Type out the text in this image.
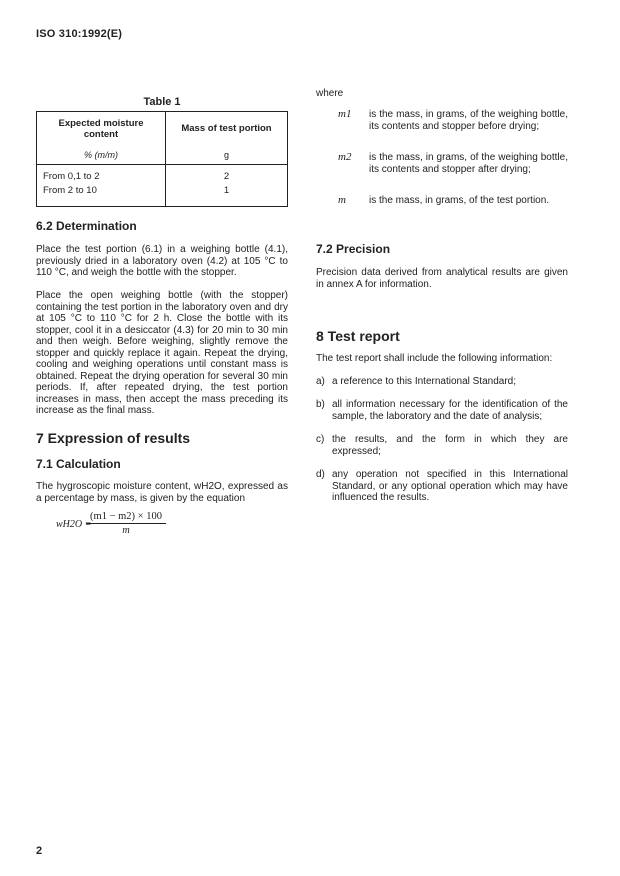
ISO 310:1992(E)
Table 1
Expected moisture content	Mass of test portion
% (m/m)	g
From 0,1 to 2	2
From 2 to 10	1
6.2 Determination
Place the test portion (6.1) in a weighing bottle (4.1), previously dried in a laboratory oven (4.2) at 105 °C to 110 °C, and weigh the bottle with the stopper.
Place the open weighing bottle (with the stopper) containing the test portion in the laboratory oven and dry at 105 °C to 110 °C for 2 h. Close the bottle with its stopper, cool it in a desiccator (4.3) for 20 min to 30 min and then weigh. Before weighing, slightly remove the stopper and quickly replace it again. Repeat the drying, cooling and weighing operations until constant mass is obtained. Repeat the drying operation for several 30 min periods. If, after repeated drying, the test portion increases in mass, then accept the mass preceding its increase as the final mass.
7 Expression of results
7.1 Calculation
The hygroscopic moisture content, wH2O, expressed as a percentage by mass, is given by the equation
wH2O =
$\frac{(m1 - m2) \times 100}{m}$
where
m1 is the mass, in grams, of the weighing bottle, its contents and stopper before drying;
m2 is the mass, in grams, of the weighing bottle, its contents and stopper after drying;
m is the mass, in grams, of the test portion.
7.2 Precision
Precision data derived from analytical results are given in annex A for information.
8 Test report
The test report shall include the following information:
a) a reference to this International Standard;
b) all information necessary for the identification of the sample, the laboratory and the date of analysis;
c) the results, and the form in which they are expressed;
d) any operation not specified in this International Standard, or any optional operation which may have influenced the results.
2
